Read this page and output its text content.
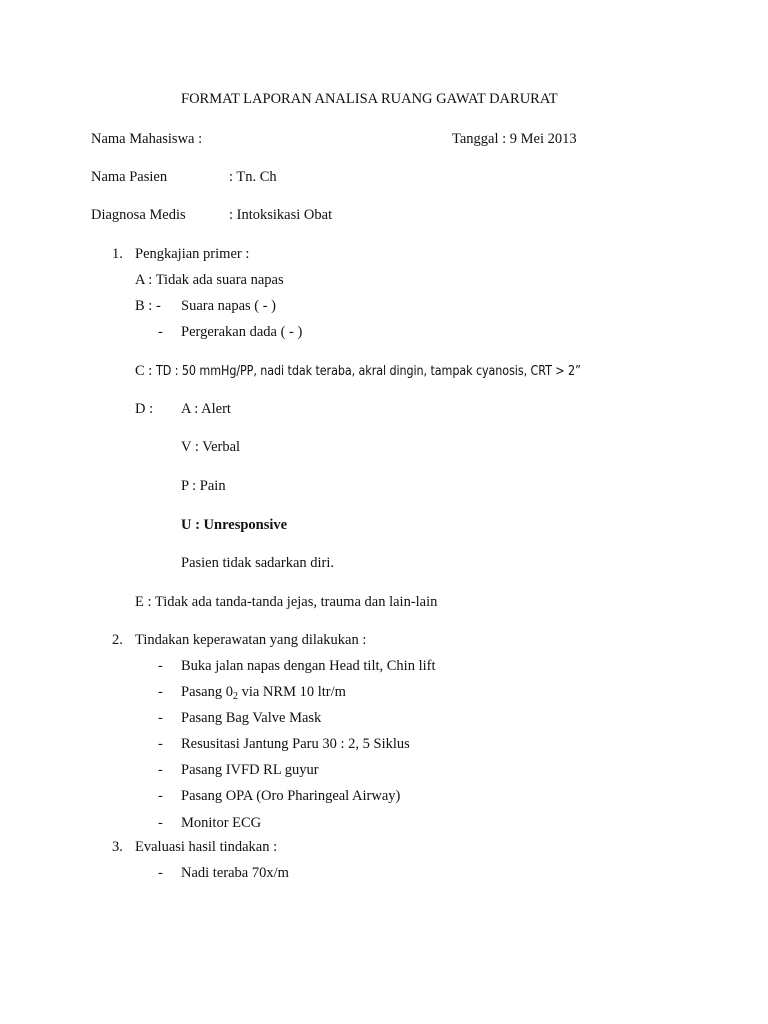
FORMAT LAPORAN ANALISA RUANG GAWAT DARURAT
Nama Mahasiswa :	Tanggal : 9 Mei 2013
Nama Pasien	: Tn. Ch
Diagnosa Medis	: Intoksikasi Obat
1. Pengkajian primer :
A : Tidak ada suara napas
B : - Suara napas ( - )
- Pergerakan dada ( - )
C : TD : 50 mmHg/PP, nadi tdak teraba, akral dingin, tampak cyanosis, CRT > 2”
D : A : Alert
V : Verbal
P : Pain
U : Unresponsive
Pasien tidak sadarkan diri.
E : Tidak ada tanda-tanda jejas, trauma dan lain-lain
2. Tindakan keperawatan yang dilakukan :
- Buka jalan napas dengan Head tilt, Chin lift
- Pasang $0_2$ via NRM 10 ltr/m
- Pasang Bag Valve Mask
- Resusitasi Jantung Paru 30 : 2, 5 Siklus
- Pasang IVFD RL guyur
- Pasang OPA (Oro Pharingeal Airway)
- Monitor ECG
3. Evaluasi hasil tindakan :
- Nadi teraba 70x/m
